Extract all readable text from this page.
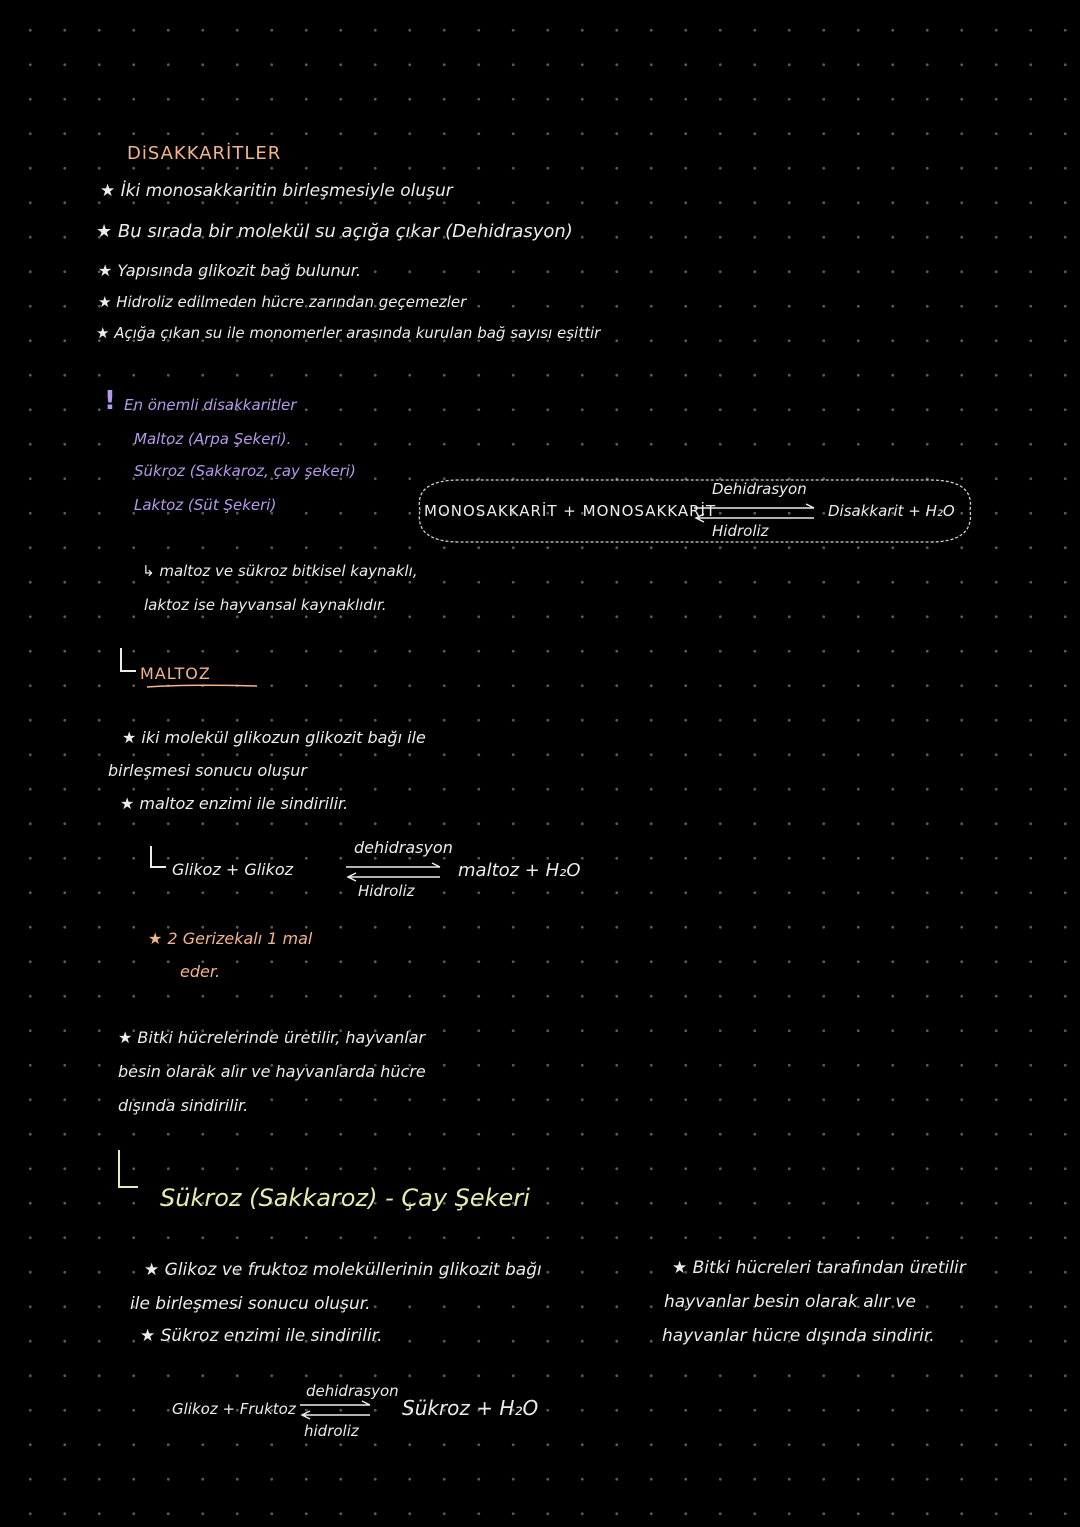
DiSAKKARİTLER
★ İki monosakkaritin birleşmesiyle oluşur
★ Bu sırada bir molekül su açığa çıkar (Dehidrasyon)
★ Yapısında glikozit bağ bulunur.
★ Hidroliz edilmeden hücre zarından geçemezler
★ Açığa çıkan su ile monomerler arasında kurulan bağ sayısı eşittir
! En önemli disakkaritler
Maltoz (Arpa Şekeri).
Sükroz (Sakkaroz, çay şekeri)
Laktoz (Süt Şekeri)
↳ maltoz ve sükroz bitkisel kaynaklı,
laktoz ise hayvansal kaynaklıdır.
MONOSAKKARİT + MONOSAKKARİT
Dehidrasyon
Hidroliz
Disakkarit + H₂O
MALTOZ
★ iki molekül glikozun glikozit bağı ile
birleşmesi sonucu oluşur
★ maltoz enzimi ile sindirilir.
Glikoz + Glikoz
dehidrasyon
Hidroliz
maltoz + H₂O
★ 2 Gerizekalı 1 mal
eder.
★ Bitki hücrelerinde üretilir, hayvanlar
besin olarak alır ve hayvanlarda hücre
dışında sindirilir.
Sükroz (Sakkaroz) - Çay Şekeri
★ Glikoz ve fruktoz moleküllerinin glikozit bağı
ile birleşmesi sonucu oluşur.
★ Sükroz enzimi ile sindirilir.
★ Bitki hücreleri tarafından üretilir
hayvanlar besin olarak alır ve
hayvanlar hücre dışında sindirir.
Glikoz + Fruktoz
dehidrasyon
hidroliz
Sükroz + H₂O
